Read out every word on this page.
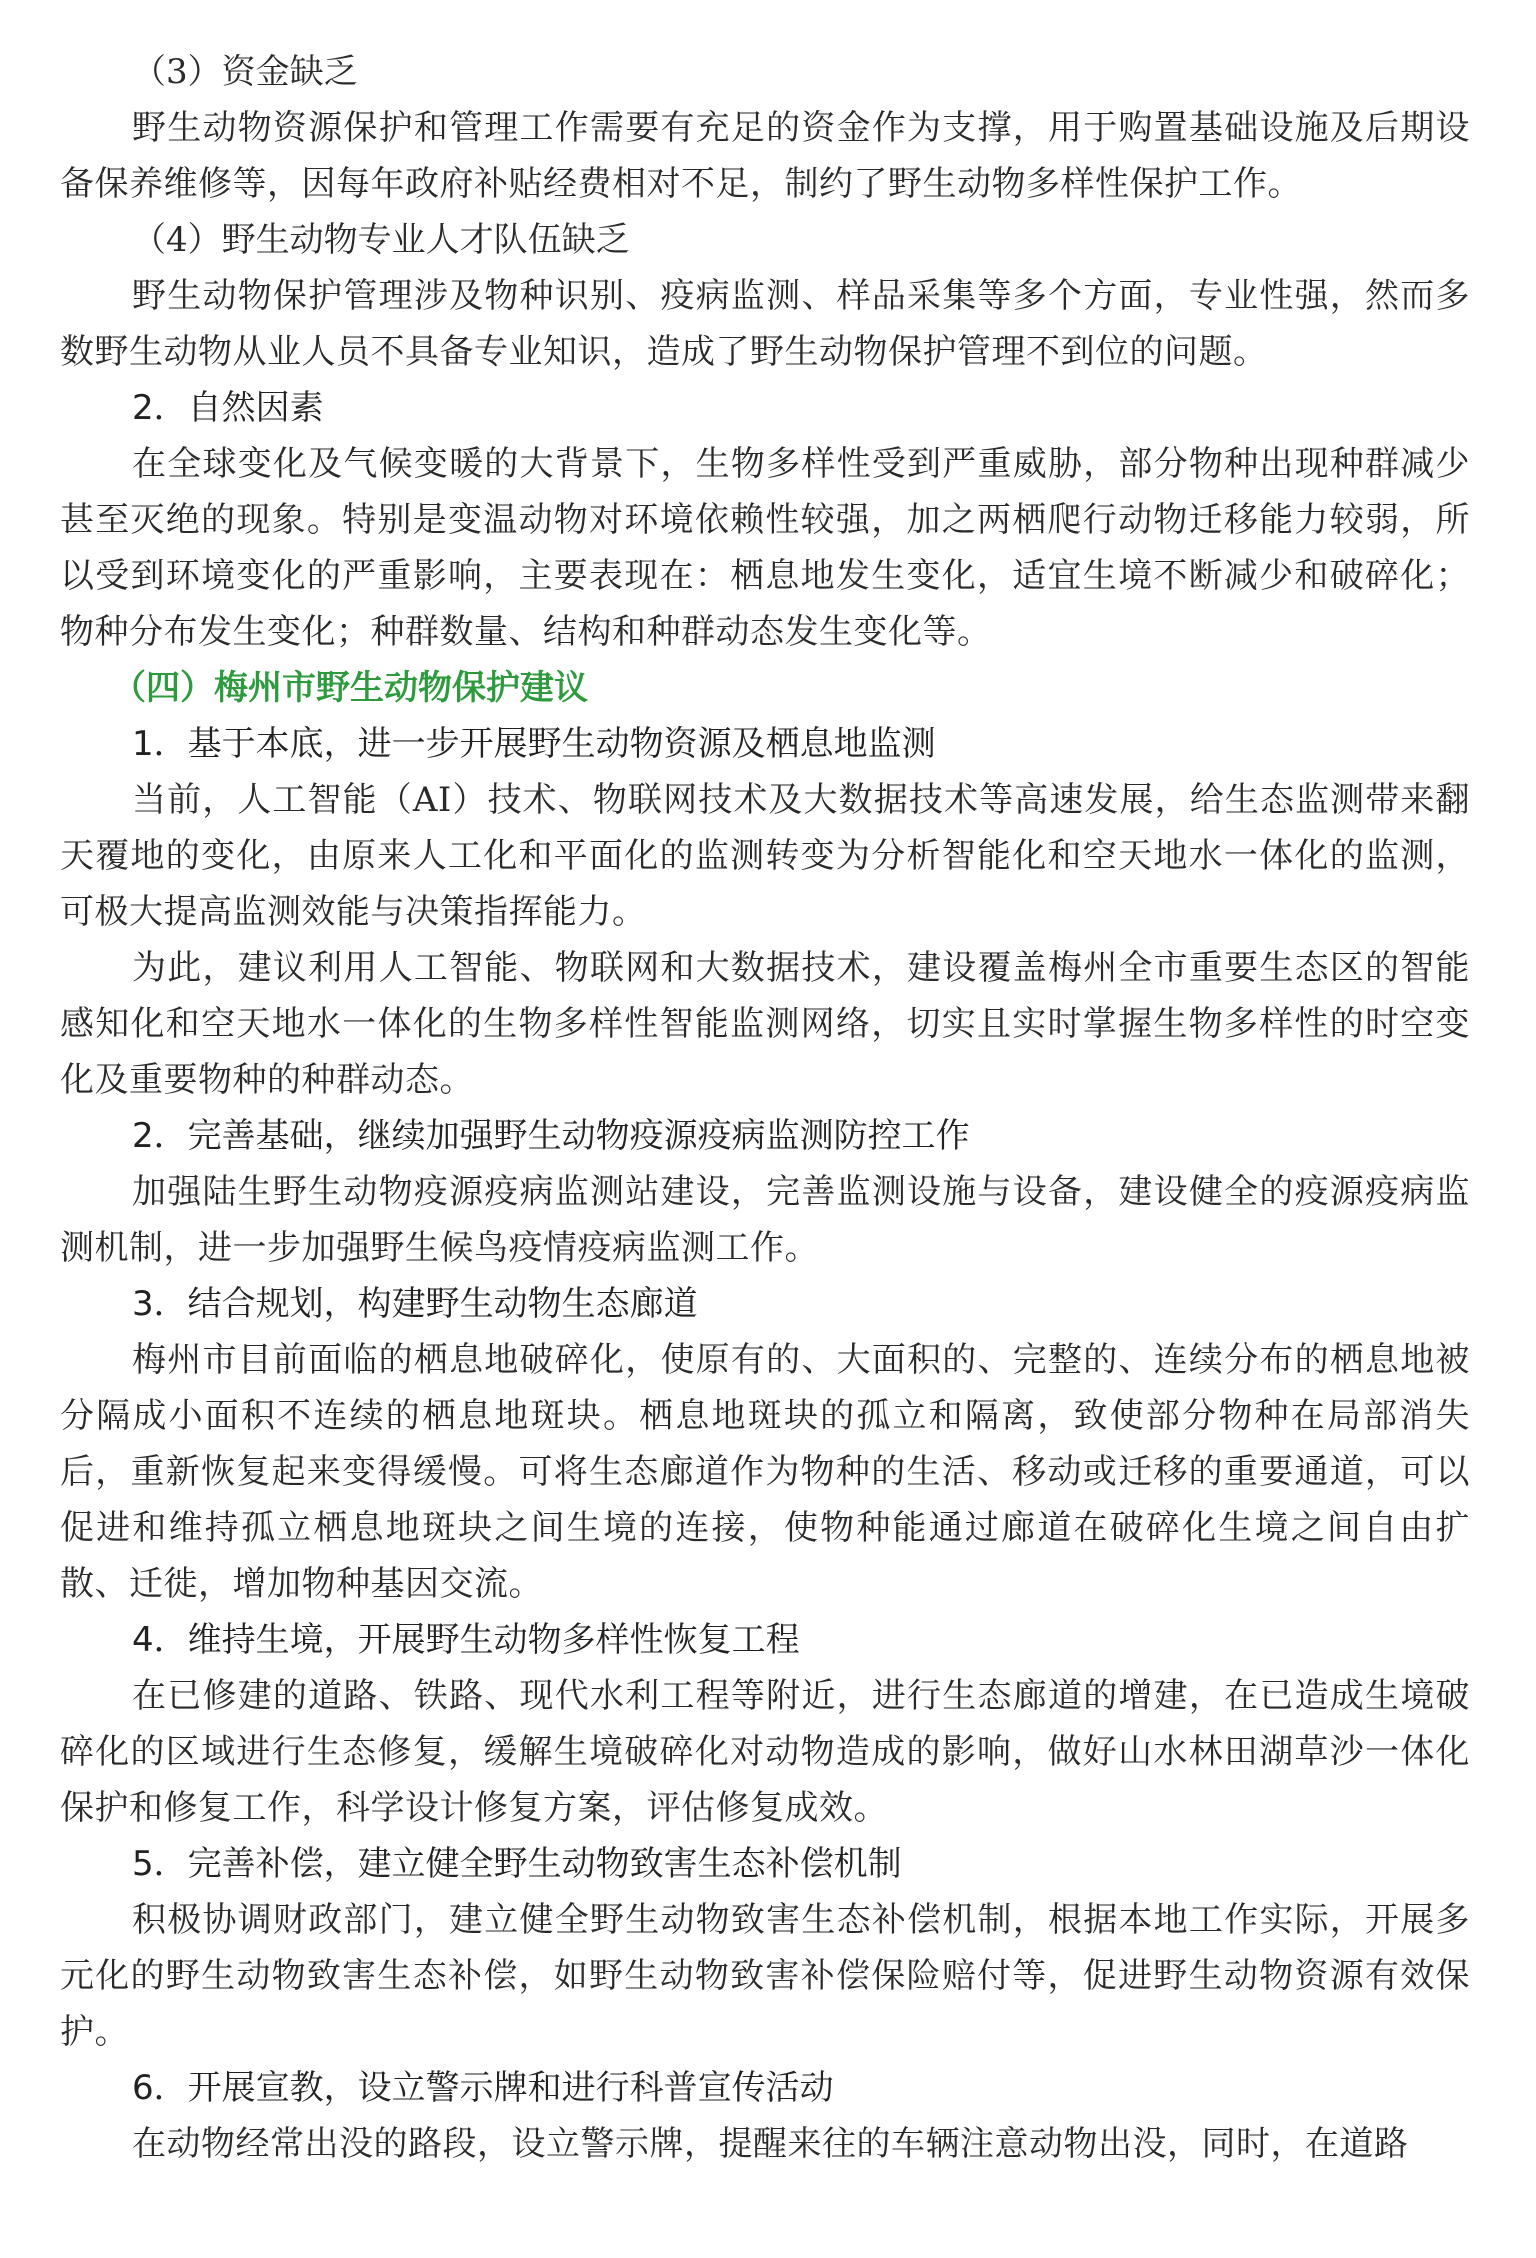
（3）资金缺乏

野生动物资源保护和管理工作需要有充足的资金作为支撑，用于购置基础设施及后期设备保养维修等，因每年政府补贴经费相对不足，制约了野生动物多样性保护工作。

（4）野生动物专业人才队伍缺乏

野生动物保护管理涉及物种识别、疫病监测、样品采集等多个方面，专业性强，然而多数野生动物从业人员不具备专业知识，造成了野生动物保护管理不到位的问题。

2．自然因素

在全球变化及气候变暖的大背景下，生物多样性受到严重威胁，部分物种出现种群减少甚至灭绝的现象。特别是变温动物对环境依赖性较强，加之两栖爬行动物迁移能力较弱，所以受到环境变化的严重影响，主要表现在：栖息地发生变化，适宜生境不断减少和破碎化；物种分布发生变化；种群数量、结构和种群动态发生变化等。

（四）梅州市野生动物保护建议

1．基于本底，进一步开展野生动物资源及栖息地监测

当前，人工智能（AI）技术、物联网技术及大数据技术等高速发展，给生态监测带来翻天覆地的变化，由原来人工化和平面化的监测转变为分析智能化和空天地水一体化的监测，可极大提高监测效能与决策指挥能力。

为此，建议利用人工智能、物联网和大数据技术，建设覆盖梅州全市重要生态区的智能感知化和空天地水一体化的生物多样性智能监测网络，切实且实时掌握生物多样性的时空变化及重要物种的种群动态。

2．完善基础，继续加强野生动物疫源疫病监测防控工作

加强陆生野生动物疫源疫病监测站建设，完善监测设施与设备，建设健全的疫源疫病监测机制，进一步加强野生候鸟疫情疫病监测工作。

3．结合规划，构建野生动物生态廊道

梅州市目前面临的栖息地破碎化，使原有的、大面积的、完整的、连续分布的栖息地被分隔成小面积不连续的栖息地斑块。栖息地斑块的孤立和隔离，致使部分物种在局部消失后，重新恢复起来变得缓慢。可将生态廊道作为物种的生活、移动或迁移的重要通道，可以促进和维持孤立栖息地斑块之间生境的连接，使物种能通过廊道在破碎化生境之间自由扩散、迁徙，增加物种基因交流。

4．维持生境，开展野生动物多样性恢复工程

在已修建的道路、铁路、现代水利工程等附近，进行生态廊道的增建，在已造成生境破碎化的区域进行生态修复，缓解生境破碎化对动物造成的影响，做好山水林田湖草沙一体化保护和修复工作，科学设计修复方案，评估修复成效。

5．完善补偿，建立健全野生动物致害生态补偿机制

积极协调财政部门，建立健全野生动物致害生态补偿机制，根据本地工作实际，开展多元化的野生动物致害生态补偿，如野生动物致害补偿保险赔付等，促进野生动物资源有效保护。

6．开展宣教，设立警示牌和进行科普宣传活动

在动物经常出没的路段，设立警示牌，提醒来往的车辆注意动物出没，同时，在道路
